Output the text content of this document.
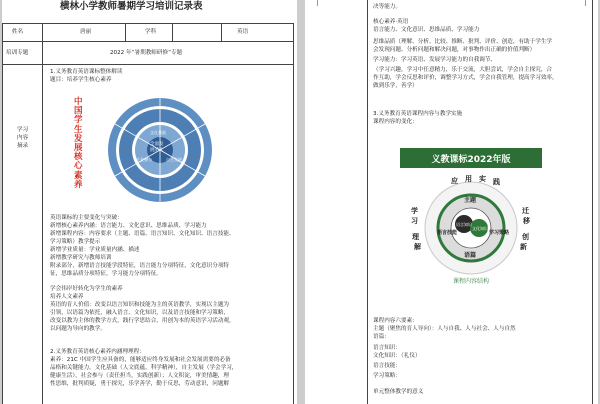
横林小学教师暑期学习培训记录表
姓名	唐丽	学科	英语
培训专题	2022 年“暑期教师研修”专题
学习
内容
摘录
1.义务教育英语课标整体解读
题目：培养学生核心素养
中
国
学
生
发
展
核
心
素
养
全面发
展的人
文化基础
自主发展
社会参与
英语课标的主要变化与突破：
新增核心素养内涵：语言能力、文化意识、思维品质、学习能力
新增课程内容：内容要求（主题、语篇、语言知识、文化知识、语言技能、
学习策略）教学提示
新增学业质量：学业质量内涵、描述
新增教学研究与教师培训
附录部分，新增语言技能学段特征，语言能力分项特征，文化意识分项特
征，思维品质分项特征，学习能力分项特征。
学会伟岸好转化为学生的素养
培养人文素养
英语的育人价值：改变以语言知识和技能为主的英语教学，实现以主题为
引领，以语篇为依托，融入语言、文化知识，以及语言技能和学习策略，
改变以教为主体的教学方式，践行学思结合，用创为本的英语学习活动观，
以问题为导向的教学。
2.义务教育英语核心素养内涵理理程：
素养：21C 中国学生应具备的，能够适应终身发展和社会发展需要的必备
品格和关键能力。文化基础（人文底蕴，科学精神），自主发展（学会学习，
健康生活），社会参与（责任担当，实践创新）；人文积淀，审美情趣，理
性思维，批判质疑，勇于探究，乐学善学，勤于反思，劳动意识，问题解
决等能力。
核心素养·英语
语言能力、文化意识、思维品质、学习能力
思维品质（理解、分析、比较、推断、批判、评价、创造，有助于学生学
会发现问题、分析问题和解决问题，对事物作出正确的价值判断）
学习能力：学习英语、发展学习能力的自我调节、
（学习兴趣，学习中任意精力，乐于交流，大胆尝试，学会自主探究，合
作互助，学会反思和评价，调整学习方式，学会自我管理，提高学习效率，
做到乐学，善学）
3.义务教育英语课程内容与教学实施
课程内容的变化：
义教课标2022年版
应 用 实 践
学
习
理
解
迁
移
创
新
主题
语言知识
文化知识
语篇
语言技能	学习策略
课程内容结构
课程内容六要素：
主题（聚焦的育人导向）：人与自我、人与社会、人与自然
语篇：
语言知识：
文化知识：（礼仪）
语言技能：
学习策略：
单元整体教学的意义
